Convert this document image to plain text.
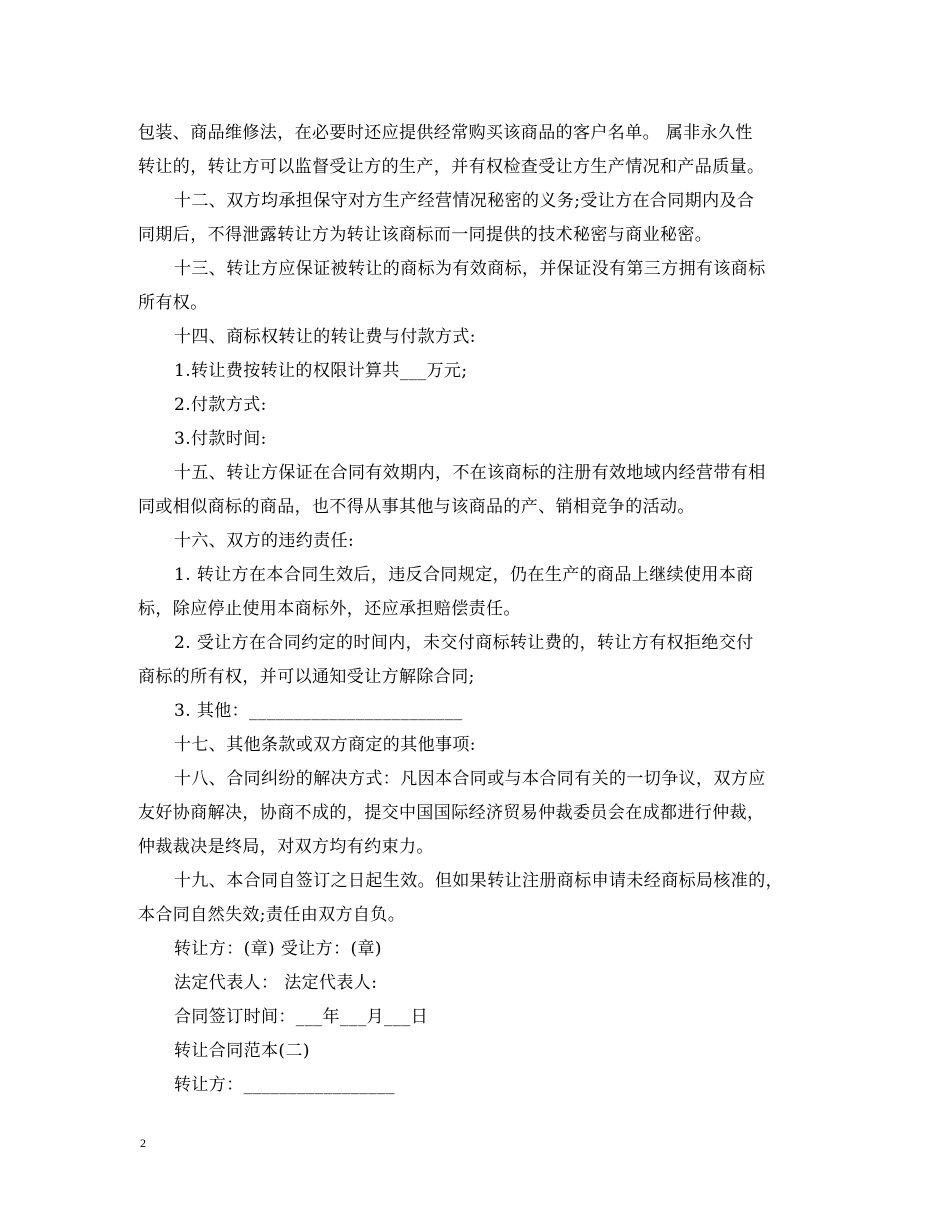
包装、商品维修法，在必要时还应提供经常购买该商品的客户名单。 属非永久性
转让的，转让方可以监督受让方的生产，并有权检查受让方生产情况和产品质量。
十二、双方均承担保守对方生产经营情况秘密的义务;受让方在合同期内及合
同期后，不得泄露转让方为转让该商标而一同提供的技术秘密与商业秘密。
十三、转让方应保证被转让的商标为有效商标，并保证没有第三方拥有该商标
所有权。
十四、商标权转让的转让费与付款方式:
1.转让费按转让的权限计算共___万元;
2.付款方式:
3.付款时间:
十五、转让方保证在合同有效期内，不在该商标的注册有效地域内经营带有相
同或相似商标的商品，也不得从事其他与该商品的产、销相竞争的活动。
十六、双方的违约责任:
1. 转让方在本合同生效后，违反合同规定，仍在生产的商品上继续使用本商
标，除应停止使用本商标外，还应承担赔偿责任。
2. 受让方在合同约定的时间内，未交付商标转让费的，转让方有权拒绝交付
商标的所有权，并可以通知受让方解除合同;
3. 其他：________________________
十七、其他条款或双方商定的其他事项:
十八、合同纠纷的解决方式：凡因本合同或与本合同有关的一切争议，双方应
友好协商解决，协商不成的，提交中国国际经济贸易仲裁委员会在成都进行仲裁，
仲裁裁决是终局，对双方均有约束力。
十九、本合同自签订之日起生效。但如果转让注册商标申请未经商标局核准的，
本合同自然失效;责任由双方自负。
转让方：(章) 受让方：(章)
法定代表人： 法定代表人:
合同签订时间：___年___月___日
转让合同范本(二)
转让方：_________________
2
